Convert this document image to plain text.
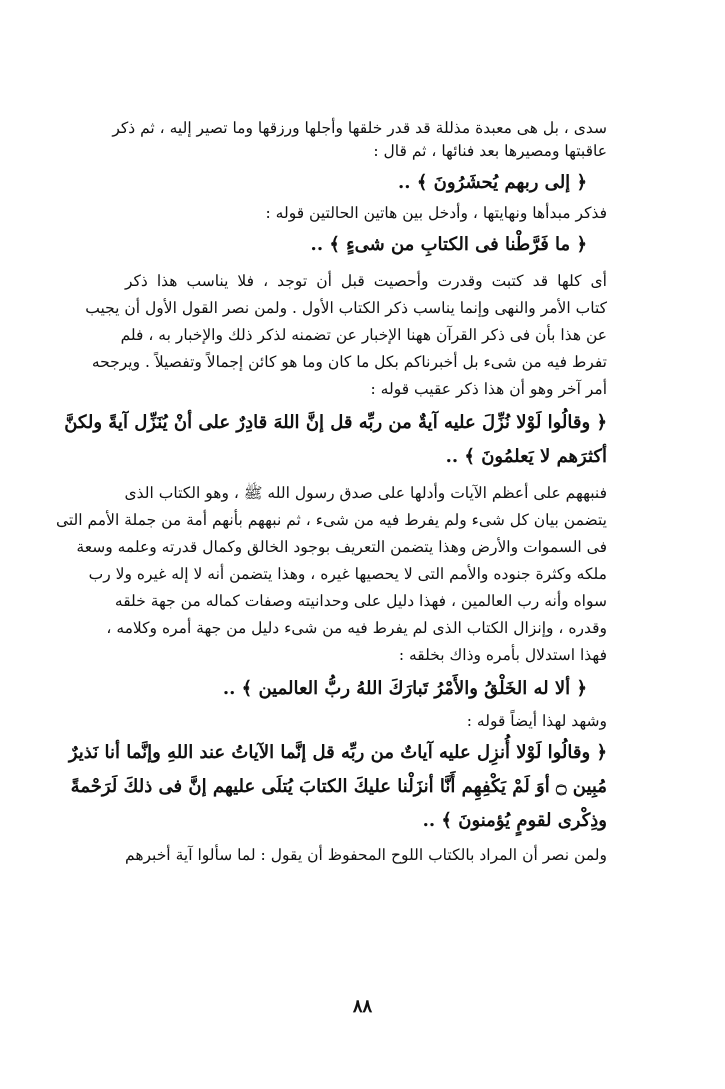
سدى ، بل هى معبدة مذللة قد قدر خلقها وأجلها ورزقها وما تصير إليه ، ثم ذكر
عاقبتها ومصيرها بعد فنائها ، ثم قال :
﴿ إلى ربهم يُحشَرُونَ ﴾ ..
فذكر مبدأها ونهايتها ، وأدخل بين هاتين الحالتين قوله :
﴿ ما فَرَّطْنا فى الكتابِ من شىءٍ ﴾ ..
أى كلها قد كتبت وقدرت وأحصيت قبل أن توجد ، فلا يناسب هذا ذكر
كتاب الأمر والنهى وإنما يناسب ذكر الكتاب الأول . ولمن نصر القول الأول أن يجيب
عن هذا بأن فى ذكر القرآن ههنا الإخبار عن تضمنه لذكر ذلك والإخبار به ، فلم
تفرط فيه من شىء بل أخبرناكم بكل ما كان وما هو كائن إجمالاً وتفصيلاً . ويرجحه
أمر آخر وهو أن هذا ذكر عقيب قوله :
﴿ وقالُوا لَوْلا نُزِّلَ عليه آيةٌ من ربِّه قل إنَّ اللهَ قادِرٌ على أنْ يُنَزِّل آيةً ولكنَّ
أكثرَهم لا يَعلمُونَ ﴾ ..
فنبههم على أعظم الآيات وأدلها على صدق رسول الله ﷺ ، وهو الكتاب الذى
يتضمن بيان كل شىء ولم يفرط فيه من شىء ، ثم نبههم بأنهم أمة من جملة الأمم التى
فى السموات والأرض وهذا يتضمن التعريف بوجود الخالق وكمال قدرته وعلمه وسعة
ملكه وكثرة جنوده والأمم التى لا يحصيها غيره ، وهذا يتضمن أنه لا إله غيره ولا رب
سواه وأنه رب العالمين ، فهذا دليل على وحدانيته وصفات كماله من جهة خلقه
وقدره ، وإنزال الكتاب الذى لم يفرط فيه من شىء دليل من جهة أمره وكلامه ،
فهذا استدلال بأمره وذاك بخلقه :
﴿ ألا له الخَلْقُ والأَمْرُ تَبارَكَ اللهُ ربُّ العالمين ﴾ ..
وشهد لهذا أيضاً قوله :
﴿ وقالُوا لَوْلا أُنزِل عليه آياتٌ من ربِّه قل إنَّما الآياتُ عند اللهِ وإنَّما أنا نَذيرٌ
مُبِين ۝ أوَ لَمْ يَكْفِهِم أَنَّا أنزَلْنا عليكَ الكتابَ يُتلَى عليهم إنَّ فى ذلكَ لَرَحْمةً
وذِكْرى لقومٍ يُؤمنونَ ﴾ ..
ولمن نصر أن المراد بالكتاب اللوح المحفوظ أن يقول : لما سألوا آية أخبرهم
٨٨
